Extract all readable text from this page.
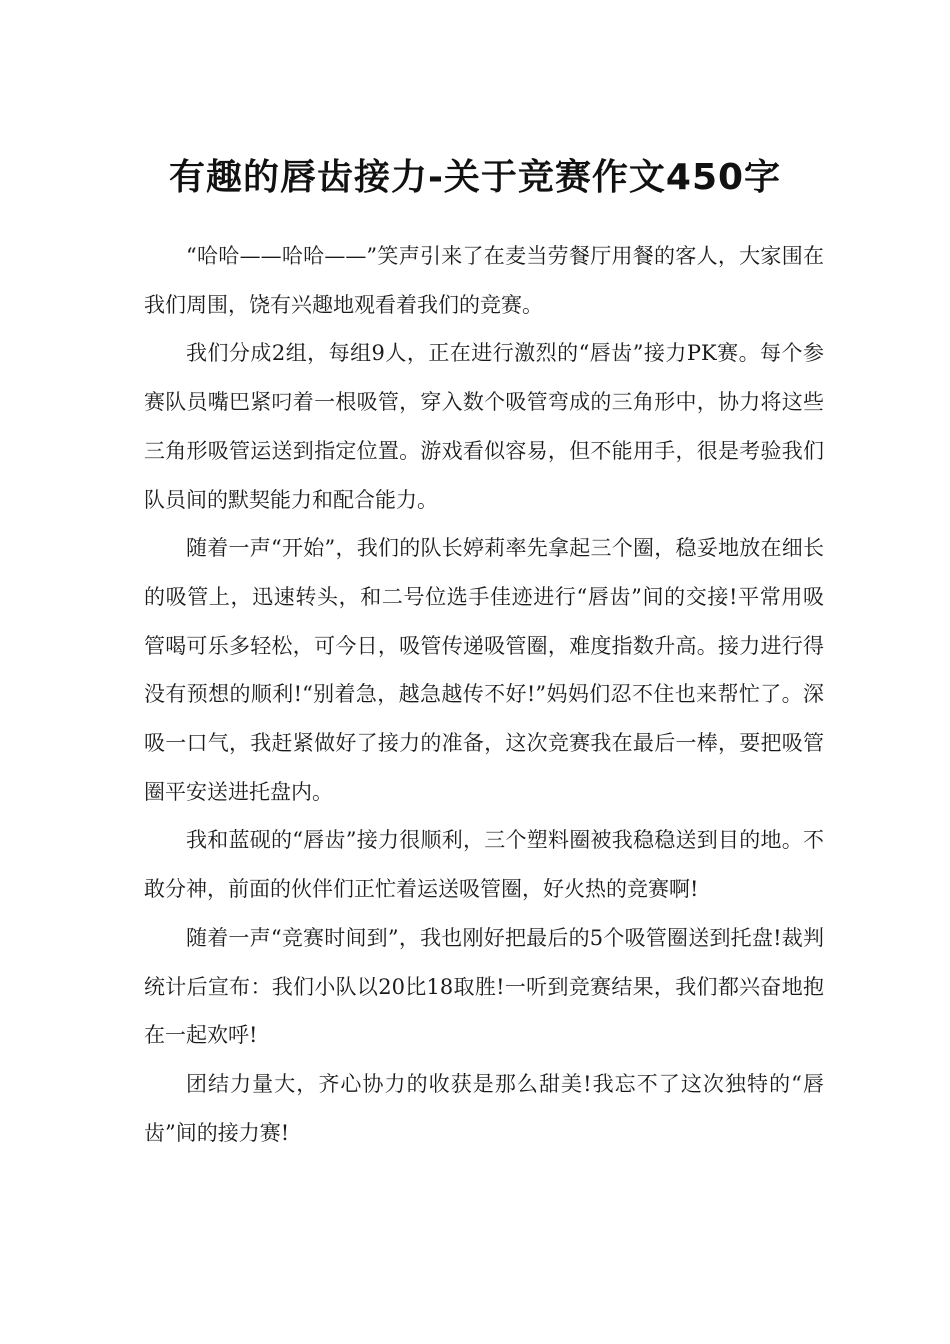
有趣的唇齿接力-关于竞赛作文450字

“哈哈——哈哈——”笑声引来了在麦当劳餐厅用餐的客人，大家围在我们周围，饶有兴趣地观看着我们的竞赛。

我们分成2组，每组9人，正在进行激烈的“唇齿”接力PK赛。每个参赛队员嘴巴紧叼着一根吸管，穿入数个吸管弯成的三角形中，协力将这些三角形吸管运送到指定位置。游戏看似容易，但不能用手，很是考验我们队员间的默契能力和配合能力。

随着一声“开始”，我们的队长婷莉率先拿起三个圈，稳妥地放在细长的吸管上，迅速转头，和二号位选手佳迹进行“唇齿”间的交接!平常用吸管喝可乐多轻松，可今日，吸管传递吸管圈，难度指数升高。接力进行得没有预想的顺利!“别着急，越急越传不好!”妈妈们忍不住也来帮忙了。深吸一口气，我赶紧做好了接力的准备，这次竞赛我在最后一棒，要把吸管圈平安送进托盘内。

我和蓝砚的“唇齿”接力很顺利，三个塑料圈被我稳稳送到目的地。不敢分神，前面的伙伴们正忙着运送吸管圈，好火热的竞赛啊!

随着一声“竞赛时间到”，我也刚好把最后的5个吸管圈送到托盘!裁判统计后宣布：我们小队以20比18取胜!一听到竞赛结果，我们都兴奋地抱在一起欢呼!

团结力量大，齐心协力的收获是那么甜美!我忘不了这次独特的“唇齿”间的接力赛!
